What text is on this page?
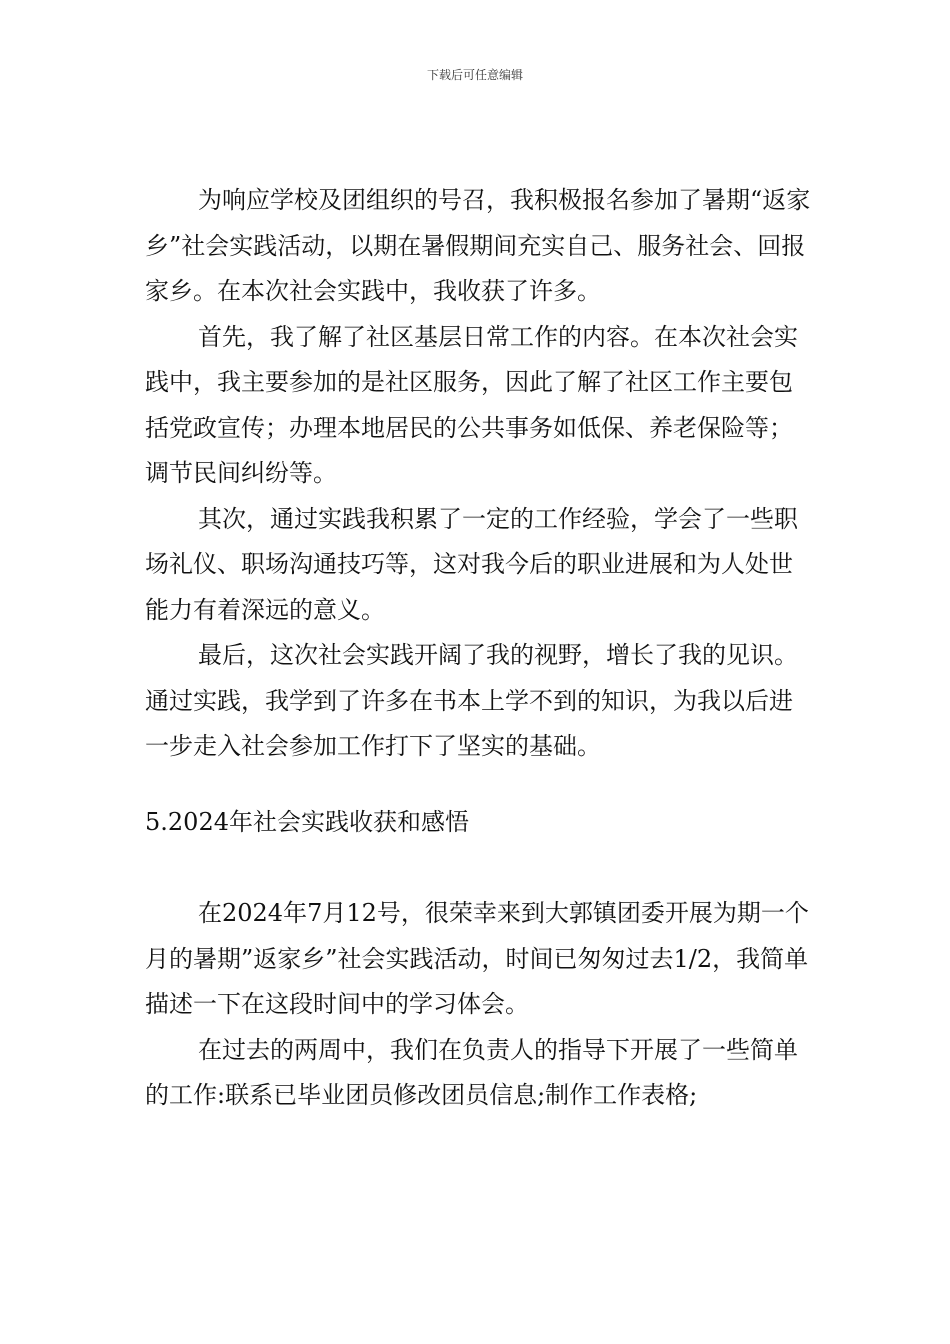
下载后可任意编辑

为响应学校及团组织的号召，我积极报名参加了暑期“返家乡”社会实践活动，以期在暑假期间充实自己、服务社会、回报家乡。在本次社会实践中，我收获了许多。

首先，我了解了社区基层日常工作的内容。在本次社会实践中，我主要参加的是社区服务，因此了解了社区工作主要包括党政宣传；办理本地居民的公共事务如低保、养老保险等；调节民间纠纷等。

其次，通过实践我积累了一定的工作经验，学会了一些职场礼仪、职场沟通技巧等，这对我今后的职业进展和为人处世能力有着深远的意义。

最后，这次社会实践开阔了我的视野，增长了我的见识。通过实践，我学到了许多在书本上学不到的知识，为我以后进一步走入社会参加工作打下了坚实的基础。

5.2024年社会实践收获和感悟

在2024年7月12号，很荣幸来到大郭镇团委开展为期一个月的暑期”返家乡”社会实践活动，时间已匆匆过去1/2，我简单描述一下在这段时间中的学习体会。

在过去的两周中，我们在负责人的指导下开展了一些简单的工作:联系已毕业团员修改团员信息;制作工作表格;
